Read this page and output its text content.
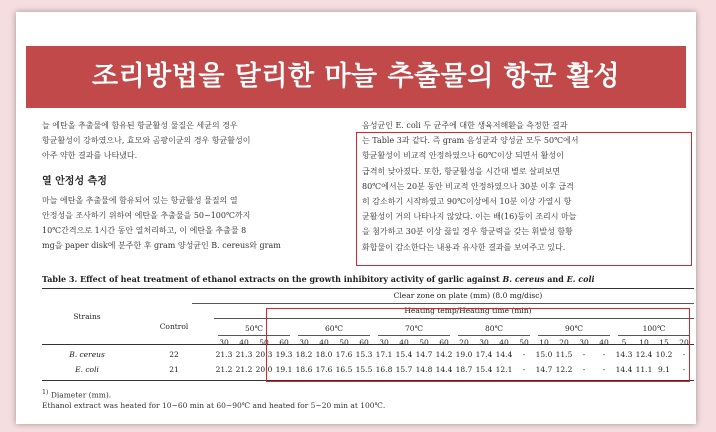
조리방법을 달리한 마늘 추출물의 항균 활성

늘 에탄올 추출물에 함유된 항균활성 물질은 세균의 경우

항균활성이 강하였으나, 효모와 곰팡이균의 경우 항균활성이

아주 약한 결과를 나타냈다.

열 안정성 측정

마늘 에탄올 추출물에 함유되어 있는 항균활성 물질의 열

안정성을 조사하기 위하여 에탄올 추출물을 50~100℃까지

10℃간격으로 1시간 동안 열처리하고, 이 에탄올 추출물 8

mg을 paper disk에 분주한 후 gram 양성균인 B. cereus와 gram

음성균인 E. coli 두 균주에 대한 생육저해환을 측정한 결과

는 Table 3과 같다. 즉 gram 음성균과 양성균 모두 50℃에서

항균활성이 비교적 안정하였으나 60℃이상 되면서 활성이

급격히 낮아졌다. 또한, 항균활성을 시간대 별로 살펴보면

80℃에서는 20분 동안 비교적 안정하였으나 30분 이후 급격

히 감소하기 시작하였고 90℃이상에서 10분 이상 가열시 항

균활성이 거의 나타나지 않았다. 이는 배(16)등이 조리시 마늘

을 첨가하고 30분 이상 끓일 경우 항균력을 갖는 휘발성 함황

화합물이 감소한다는 내용과 유사한 결과를 보여주고 있다.

Table 3. Effect of heat treatment of ethanol extracts on the growth inhibitory activity of garlic against B. cereus and E. coli
Clear zone on plate (mm) (8.0 mg/disc)
Heating temp/Heating time (min)
Strains
Control	50℃	60℃	70℃	80℃	90℃	100℃
30	40	50	60	30	40	50	60	30	40	50	60	20	30	40	50	10	20	30	40	5	10	15	20
B. cereus	22	21.3 21.3 20.3 19.3 18.2 18.0 17.6 15.3 17.1 15.4 14.7 14.2 19.0 17.4 14.4	-	15.0 11.5	-	-	14.3 12.4 10.2	-
E. coli	21	21.2 21.2 20.0 19.1 18.6 17.6 16.5 15.5 16.8 15.7 14.8 14.4 18.7 15.4 12.1	-	14.7 12.2	-	-	14.4 11.1 9.1	-
$^{1)}$ Diameter (mm).
Ethanol extract was heated for 10~60 min at 60~90℃ and heated for 5~20 min at 100℃.
